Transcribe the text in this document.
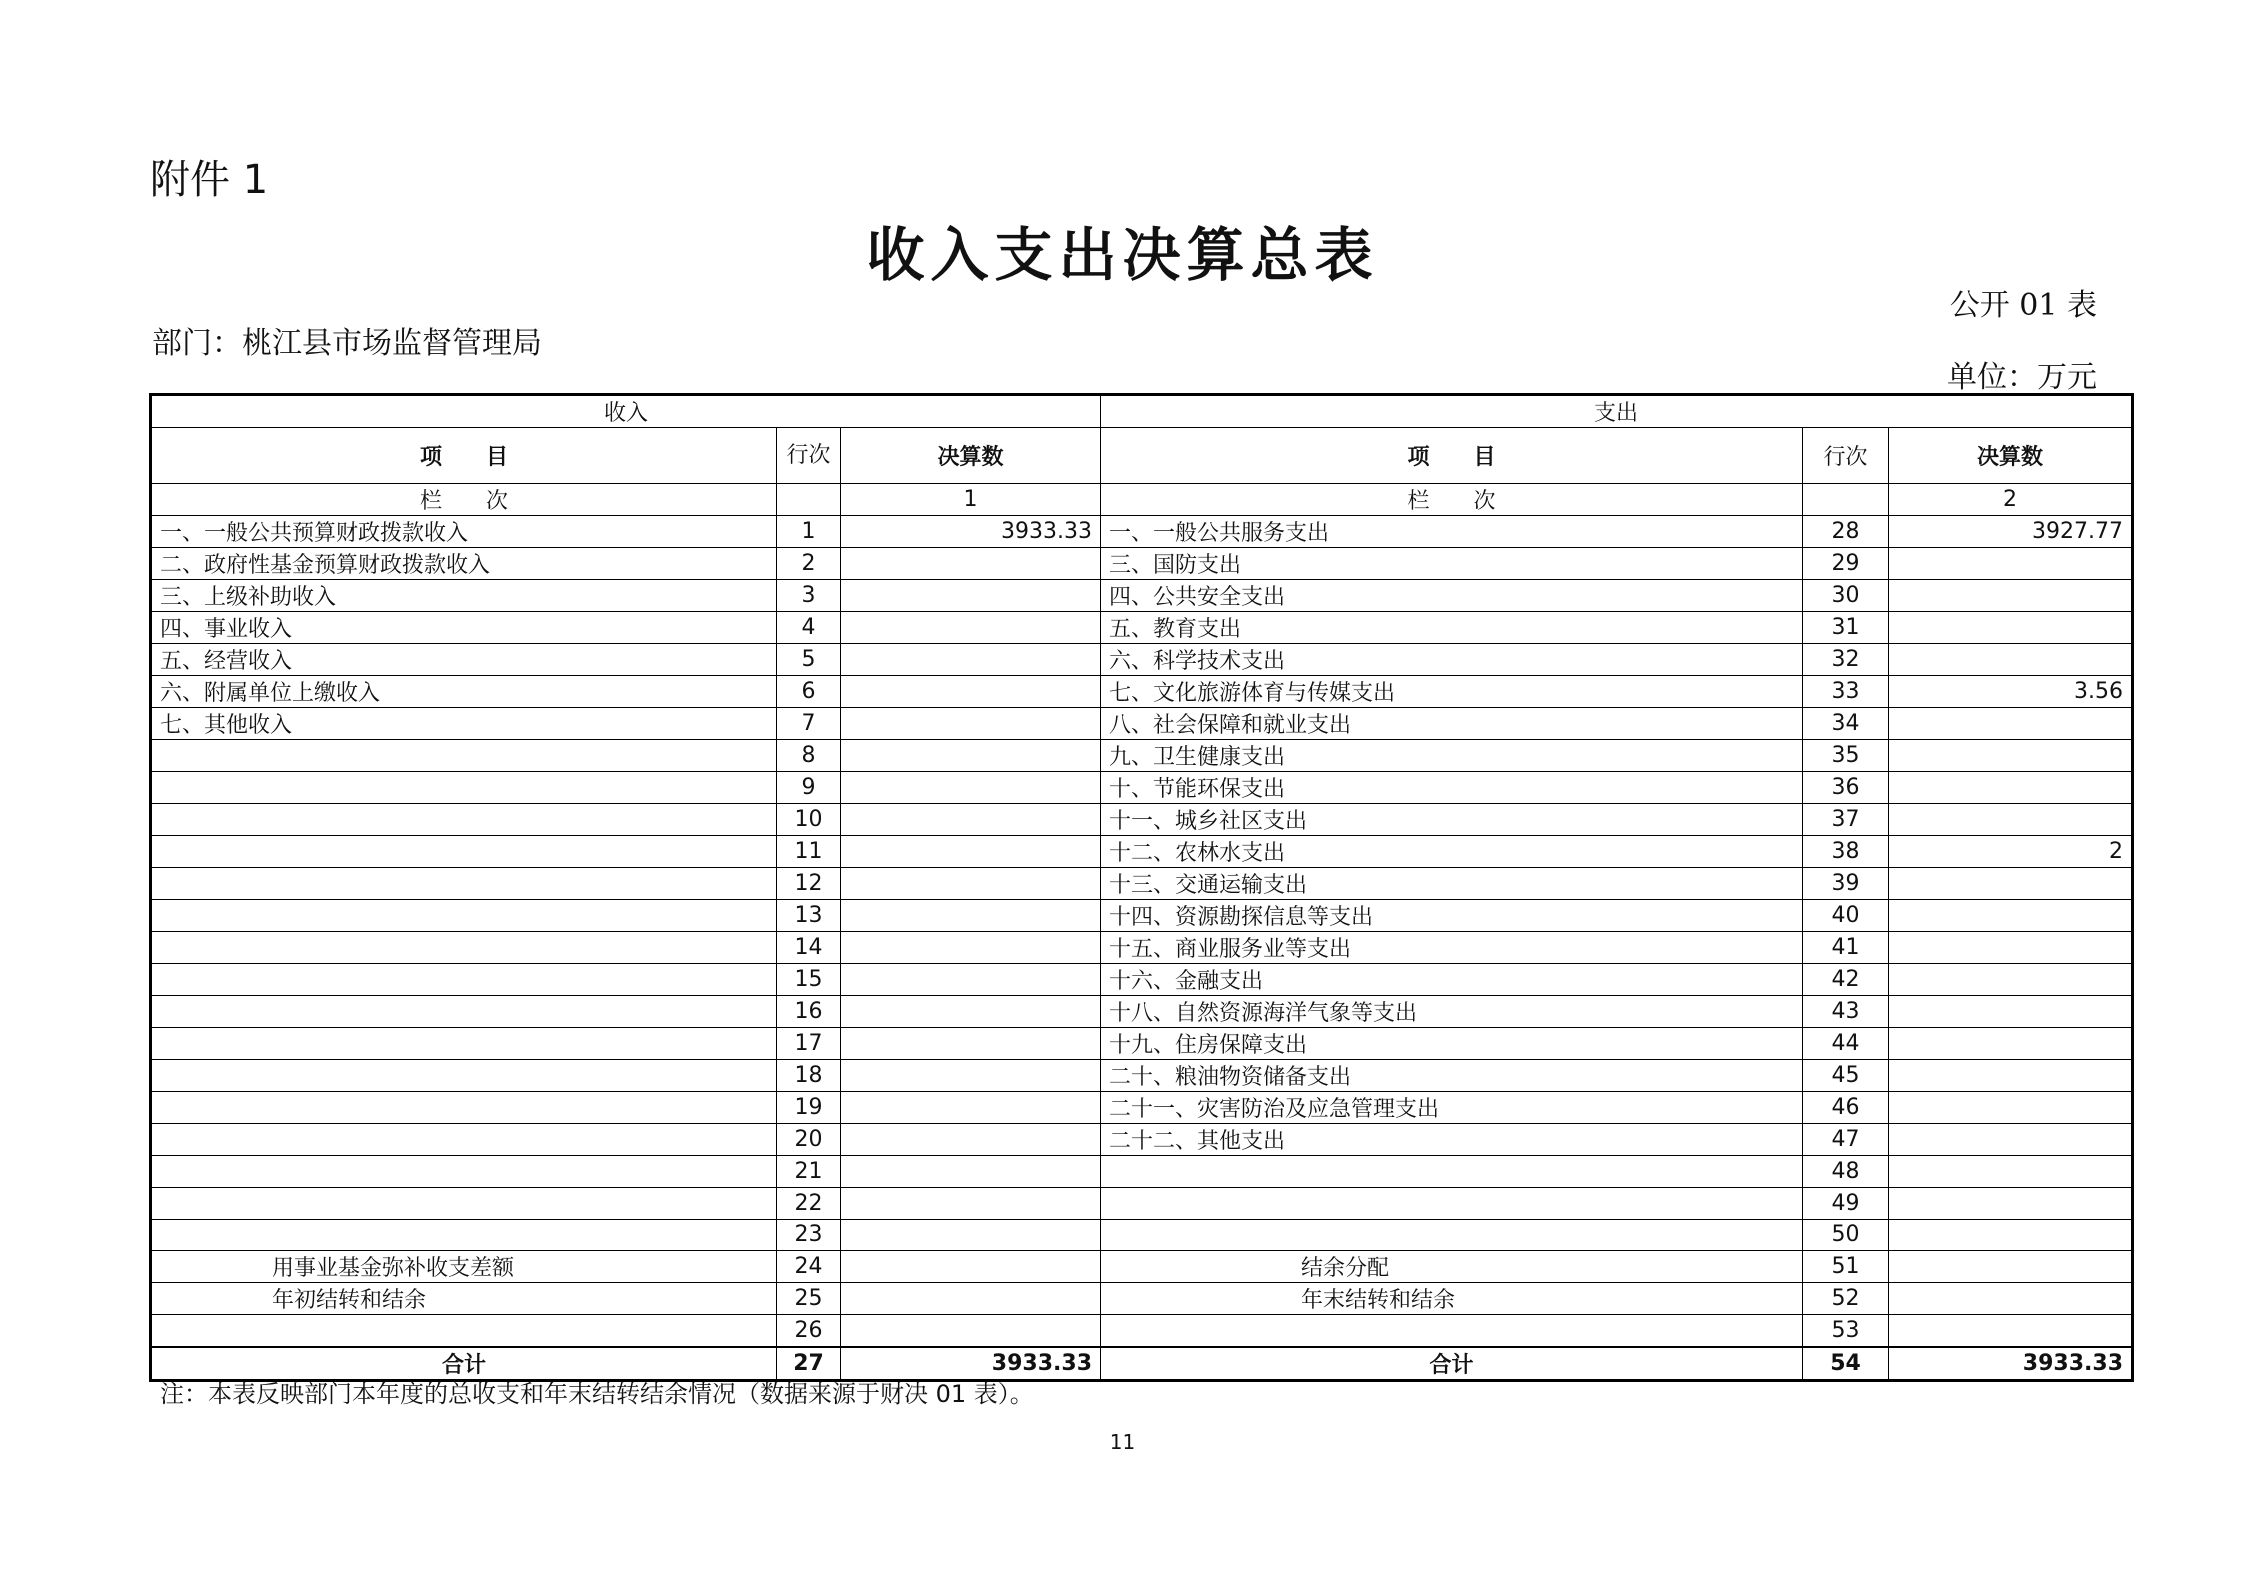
附件 1
收入支出决算总表
公开 01 表
部门：桃江县市场监督管理局
单位：万元
收入			支出		
项　　目	行次	决算数	项　　目	行次	决算数
栏　　次		1	栏　　次		2
一、一般公共预算财政拨款收入	1	3933.33	一、一般公共服务支出	28	3927.77
二、政府性基金预算财政拨款收入	2		三、国防支出	29	
三、上级补助收入	3		四、公共安全支出	30	
四、事业收入	4		五、教育支出	31	
五、经营收入	5		六、科学技术支出	32	
六、附属单位上缴收入	6		七、文化旅游体育与传媒支出	33	3.56
七、其他收入	7		八、社会保障和就业支出	34	
	8		九、卫生健康支出	35	
	9		十、节能环保支出	36	
	10		十一、城乡社区支出	37	
	11		十二、农林水支出	38	2
	12		十三、交通运输支出	39	
	13		十四、资源勘探信息等支出	40	
	14		十五、商业服务业等支出	41	
	15		十六、金融支出	42	
	16		十八、自然资源海洋气象等支出	43	
	17		十九、住房保障支出	44	
	18		二十、粮油物资储备支出	45	
	19		二十一、灾害防治及应急管理支出	46	
	20		二十二、其他支出	47	
	21			48	
	22			49	
	23			50	
用事业基金弥补收支差额	24		结余分配	51	
年初结转和结余	25		年末结转和结余	52	
	26			53	
合计	27	3933.33	合计	54	3933.33
注：本表反映部门本年度的总收支和年末结转结余情况（数据来源于财决 01 表）。
11
